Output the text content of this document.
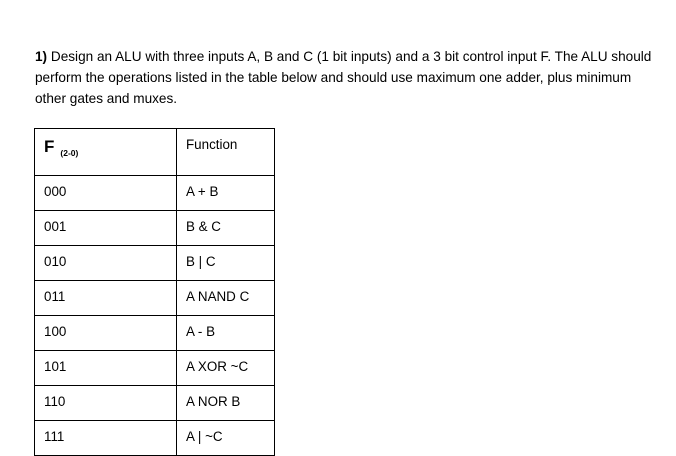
1) Design an ALU with three inputs A, B and C (1 bit inputs) and a 3 bit control input F. The ALU should perform the operations listed in the table below and should use maximum one adder, plus minimum other gates and muxes.

F $_{(2-0)}$	Function
000	A + B
001	B & C
010	B | C
011	A NAND C
100	A - B
101	A XOR ~C
110	A NOR B
111	A | ~C
